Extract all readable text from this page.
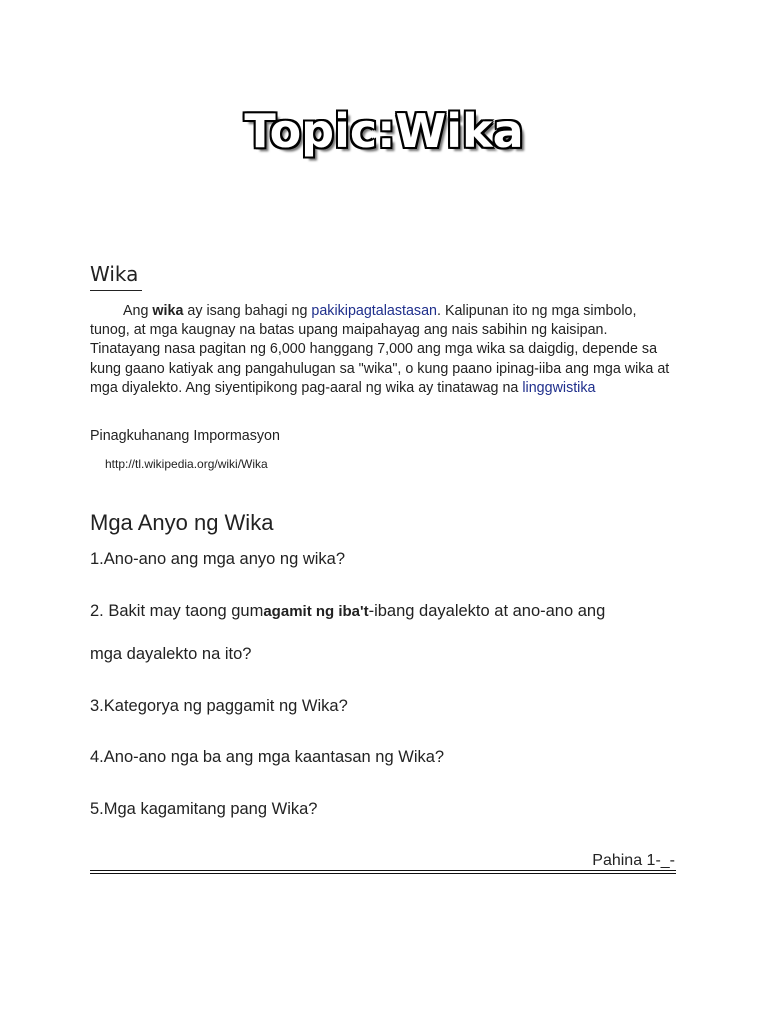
Topic:Wika
Wika
Ang wika ay isang bahagi ng pakikipagtalastasan. Kalipunan ito ng mga simbolo, tunog, at mga kaugnay na batas upang maipahayag ang nais sabihin ng kaisipan. Tinatayang nasa pagitan ng 6,000 hanggang 7,000 ang mga wika sa daigdig, depende sa kung gaano katiyak ang pangahulugan sa "wika", o kung paano ipinag-iiba ang mga wika at mga diyalekto. Ang siyentipikong pag-aaral ng wika ay tinatawag na linggwistika
Pinagkuhanang Impormasyon
http://tl.wikipedia.org/wiki/Wika
Mga Anyo ng Wika
1.Ano-ano ang mga anyo ng wika?
2. Bakit may taong gumagamit ng iba't-ibang dayalekto at ano-ano ang
mga dayalekto na ito?
3.Kategorya ng paggamit ng Wika?
4.Ano-ano nga ba ang mga kaantasan ng Wika?
5.Mga kagamitang pang Wika?
Pahina 1-_-
